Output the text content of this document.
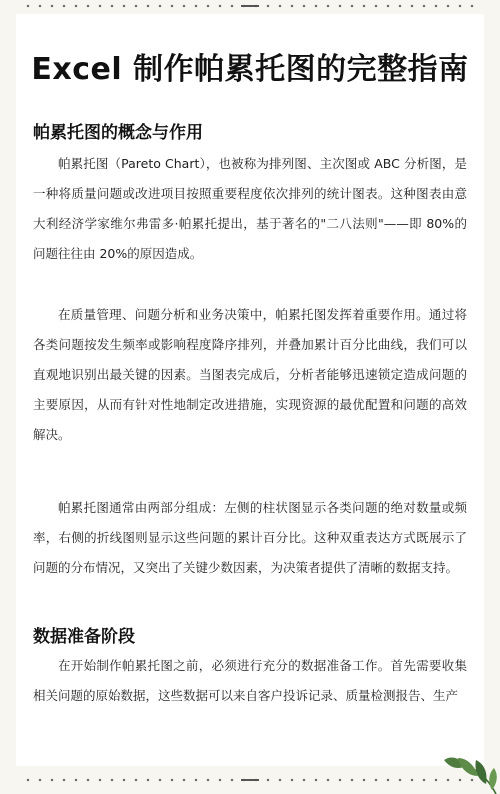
Excel 制作帕累托图的完整指南
帕累托图的概念与作用

帕累托图（Pareto Chart），也被称为排列图、主次图或 ABC 分析图，是一种将质量问题或改进项目按照重要程度依次排列的统计图表。这种图表由意大利经济学家维尔弗雷多·帕累托提出，基于著名的"二八法则"——即 80%的问题往往由 20%的原因造成。

在质量管理、问题分析和业务决策中，帕累托图发挥着重要作用。通过将各类问题按发生频率或影响程度降序排列，并叠加累计百分比曲线，我们可以直观地识别出最关键的因素。当图表完成后，分析者能够迅速锁定造成问题的主要原因，从而有针对性地制定改进措施，实现资源的最优配置和问题的高效解决。

帕累托图通常由两部分组成：左侧的柱状图显示各类问题的绝对数量或频率，右侧的折线图则显示这些问题的累计百分比。这种双重表达方式既展示了问题的分布情况，又突出了关键少数因素，为决策者提供了清晰的数据支持。

数据准备阶段

在开始制作帕累托图之前，必须进行充分的数据准备工作。首先需要收集相关问题的原始数据，这些数据可以来自客户投诉记录、质量检测报告、生产
